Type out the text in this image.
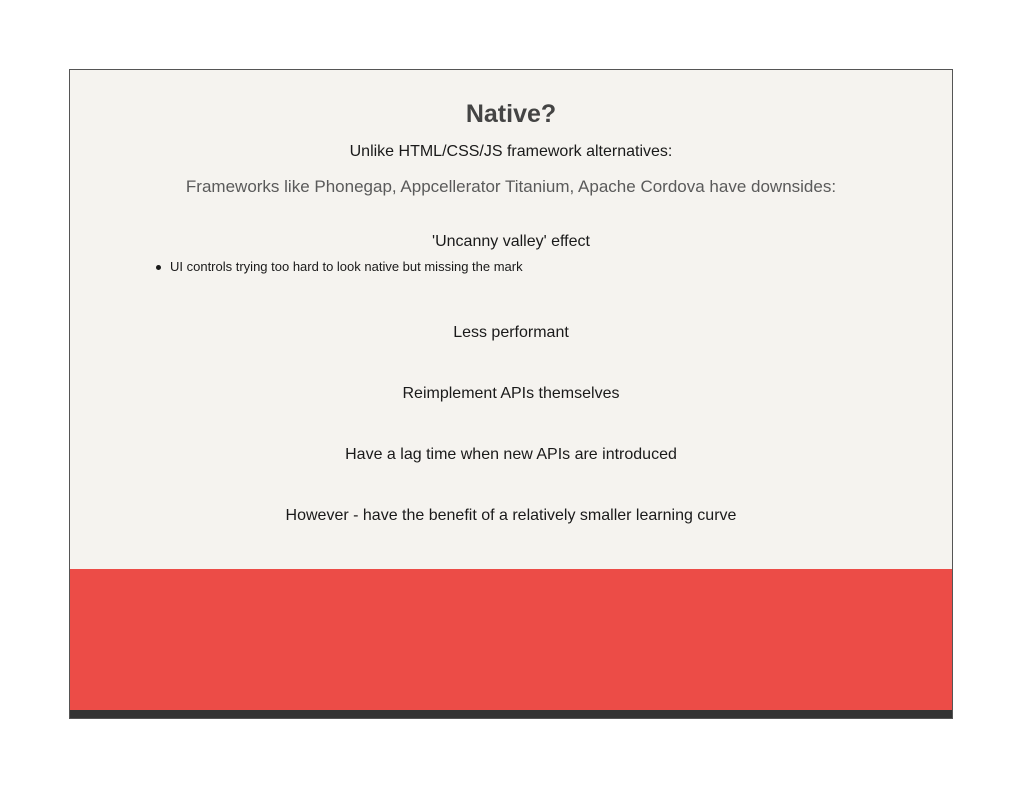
Native?
Unlike HTML/CSS/JS framework alternatives:
Frameworks like Phonegap, Appcellerator Titanium, Apache Cordova have downsides:
'Uncanny valley' effect
UI controls trying too hard to look native but missing the mark
Less performant
Reimplement APIs themselves
Have a lag time when new APIs are introduced
However - have the benefit of a relatively smaller learning curve
